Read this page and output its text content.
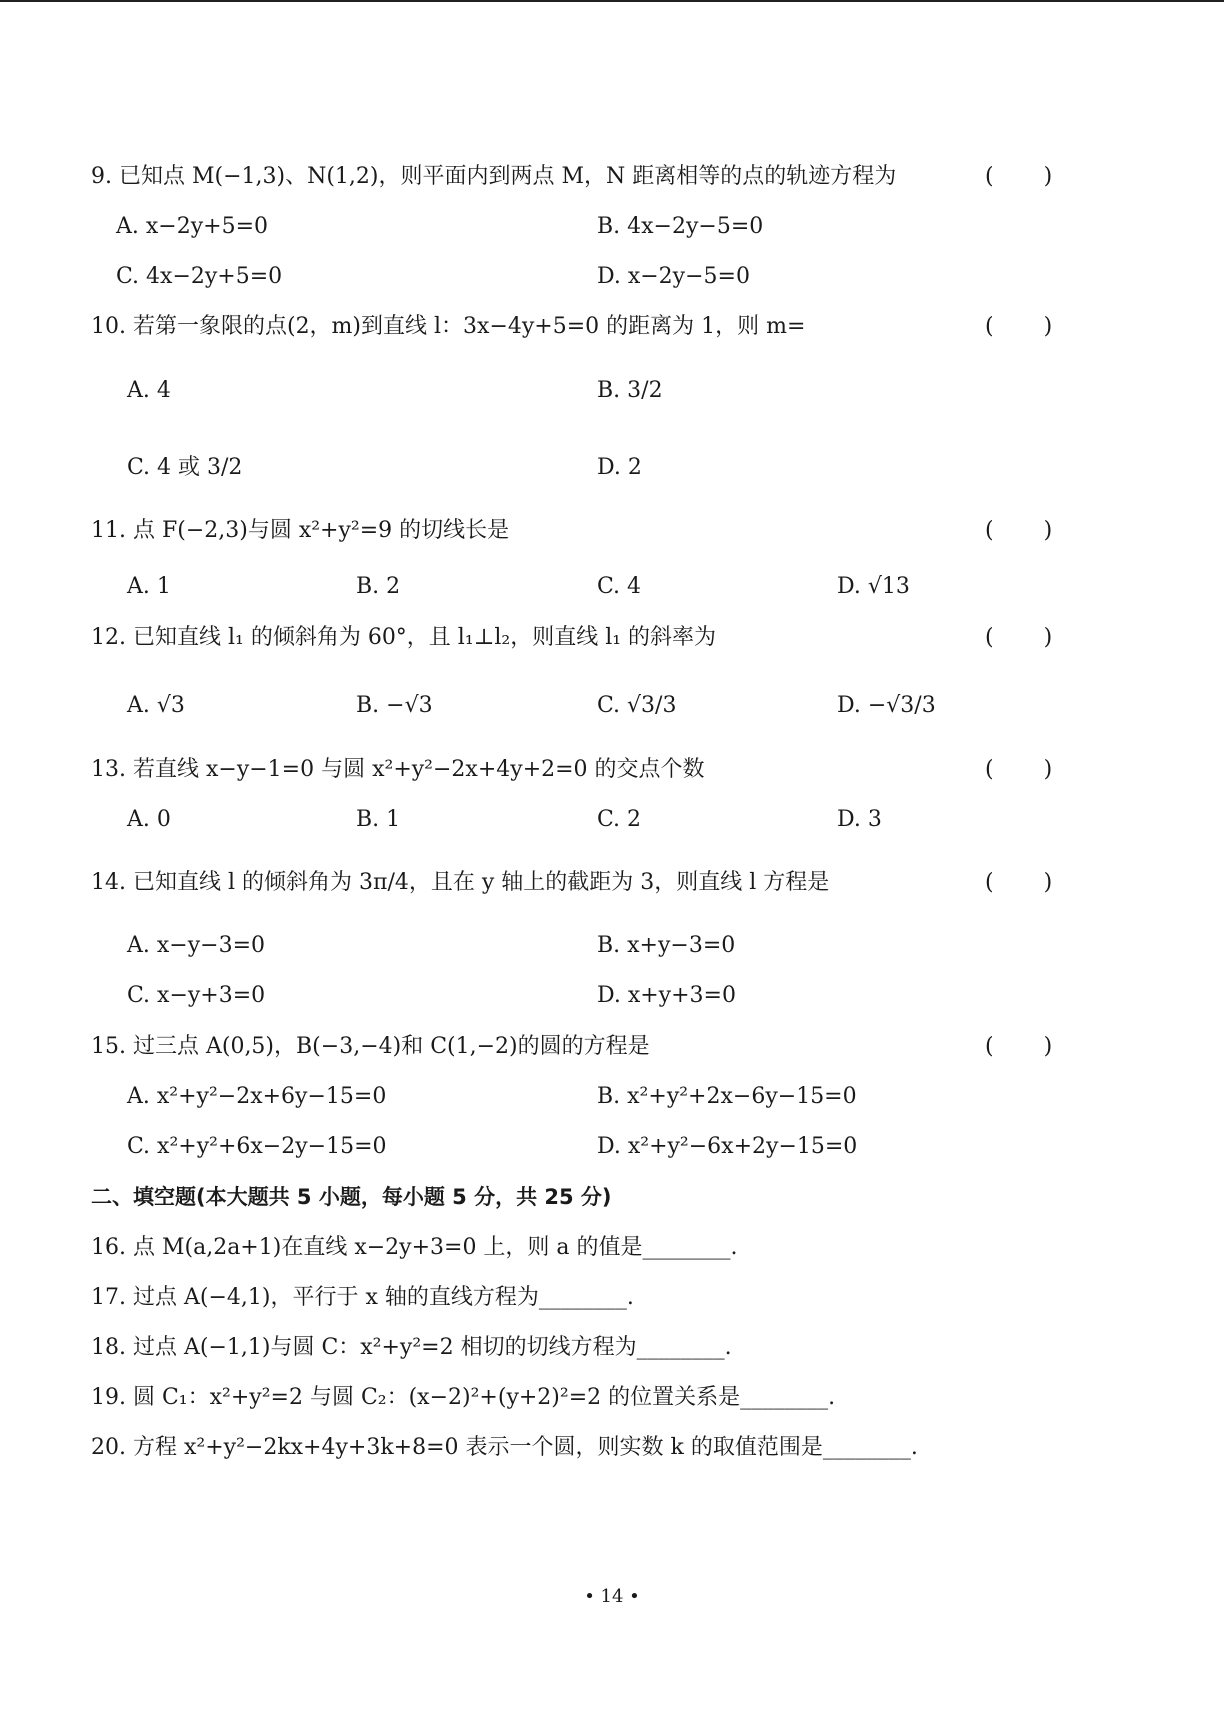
9. 已知点 M(−1,3)、N(1,2)，则平面内到两点 M，N 距离相等的点的轨迹方程为	(　　)
A. x−2y+5=0	B. 4x−2y−5=0
C. 4x−2y+5=0	D. x−2y−5=0
10. 若第一象限的点(2，m)到直线 l：3x−4y+5=0 的距离为 1，则 m=	(　　)
A. 4	B. 3/2
C. 4 或 3/2	D. 2
11. 点 F(−2,3)与圆 x²+y²=9 的切线长是	(　　)
A. 1	B. 2	C. 4	D. √13
12. 已知直线 l₁ 的倾斜角为 60°，且 l₁⊥l₂，则直线 l₁ 的斜率为	(　　)
A. √3	B. −√3	C. √3/3	D. −√3/3
13. 若直线 x−y−1=0 与圆 x²+y²−2x+4y+2=0 的交点个数	(　　)
A. 0	B. 1	C. 2	D. 3
14. 已知直线 l 的倾斜角为 3π/4，且在 y 轴上的截距为 3，则直线 l 方程是	(　　)
A. x−y−3=0	B. x+y−3=0
C. x−y+3=0	D. x+y+3=0
15. 过三点 A(0,5)，B(−3,−4)和 C(1,−2)的圆的方程是	(　　)
A. x²+y²−2x+6y−15=0	B. x²+y²+2x−6y−15=0
C. x²+y²+6x−2y−15=0	D. x²+y²−6x+2y−15=0
二、填空题(本大题共 5 小题，每小题 5 分，共 25 分)
16. 点 M(a,2a+1)在直线 x−2y+3=0 上，则 a 的值是________.
17. 过点 A(−4,1)，平行于 x 轴的直线方程为________.
18. 过点 A(−1,1)与圆 C：x²+y²=2 相切的切线方程为________.
19. 圆 C₁：x²+y²=2 与圆 C₂：(x−2)²+(y+2)²=2 的位置关系是________.
20. 方程 x²+y²−2kx+4y+3k+8=0 表示一个圆，则实数 k 的取值范围是________.
• 14 •
